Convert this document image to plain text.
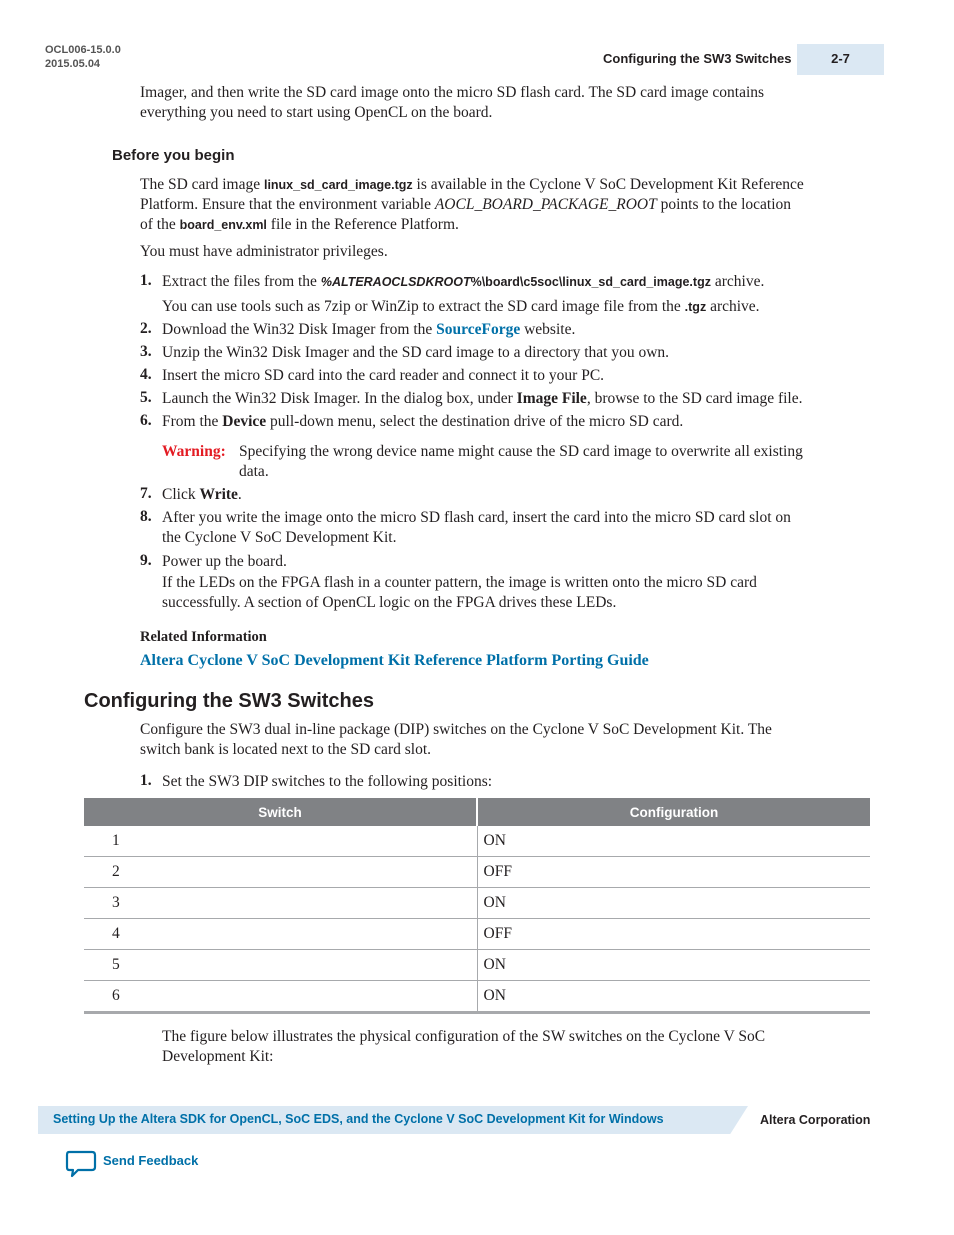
OCL006-15.0.0
2015.05.04	Configuring the SW3 Switches	2-7

Imager, and then write the SD card image onto the micro SD flash card. The SD card image contains

everything you need to start using OpenCL on the board.

Before you begin

The SD card image linux_sd_card_image.tgz is available in the Cyclone V SoC Development Kit Reference

Platform. Ensure that the environment variable AOCL_BOARD_PACKAGE_ROOT points to the location

of the board_env.xml file in the Reference Platform.

You must have administrator privileges.

1. Extract the files from the %ALTERAOCLSDKROOT%\board\c5soc\linux_sd_card_image.tgz archive.

You can use tools such as 7zip or WinZip to extract the SD card image file from the .tgz archive.

2. Download the Win32 Disk Imager from the SourceForge website.

3. Unzip the Win32 Disk Imager and the SD card image to a directory that you own.

4. Insert the micro SD card into the card reader and connect it to your PC.

5. Launch the Win32 Disk Imager. In the dialog box, under Image File, browse to the SD card image file.

6. From the Device pull-down menu, select the destination drive of the micro SD card.

Warning: Specifying the wrong device name might cause the SD card image to overwrite all existing

data.

7. Click Write.

8. After you write the image onto the micro SD flash card, insert the card into the micro SD card slot on

the Cyclone V SoC Development Kit.

9. Power up the board.

If the LEDs on the FPGA flash in a counter pattern, the image is written onto the micro SD card

successfully. A section of OpenCL logic on the FPGA drives these LEDs.

Related Information
Altera Cyclone V SoC Development Kit Reference Platform Porting Guide
Configuring the SW3 Switches

Configure the SW3 dual in-line package (DIP) switches on the Cyclone V SoC Development Kit. The

switch bank is located next to the SD card slot.

1. Set the SW3 DIP switches to the following positions:

Switch	Configuration
1	ON
2	OFF
3	ON
4	OFF
5	ON
6	ON

The figure below illustrates the physical configuration of the SW switches on the Cyclone V SoC

Development Kit:

Setting Up the Altera SDK for OpenCL, SoC EDS, and the Cyclone V SoC Development Kit for Windows	Altera Corporation
Send Feedback
